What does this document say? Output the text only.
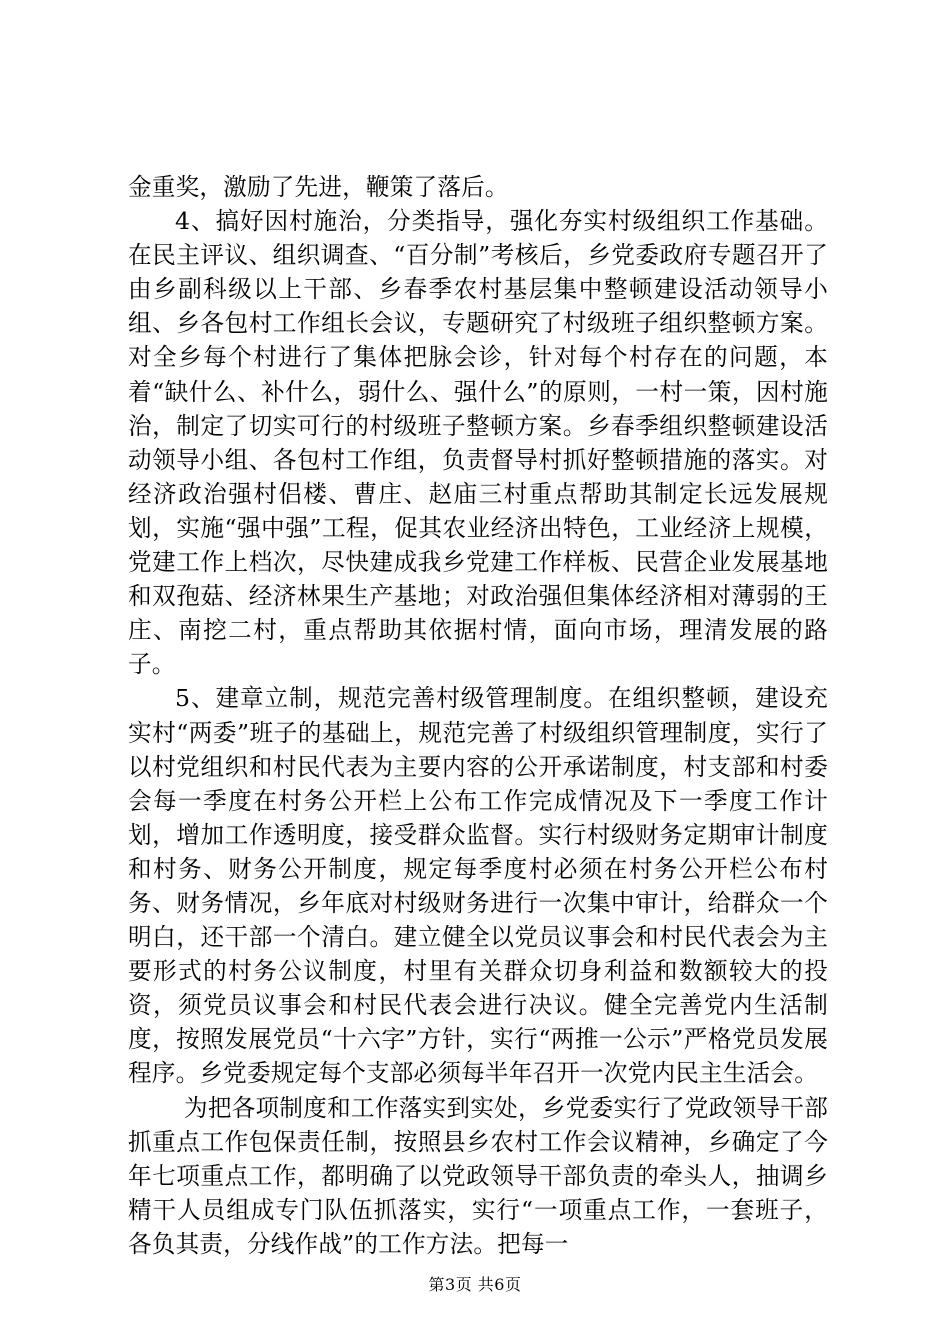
金重奖，激励了先进，鞭策了落后。

4、搞好因村施治，分类指导，强化夯实村级组织工作基础。在民主评议、组织调查、“百分制”考核后，乡党委政府专题召开了由乡副科级以上干部、乡春季农村基层集中整顿建设活动领导小组、乡各包村工作组长会议，专题研究了村级班子组织整顿方案。对全乡每个村进行了集体把脉会诊，针对每个村存在的问题，本着“缺什么、补什么，弱什么、强什么”的原则，一村一策，因村施治，制定了切实可行的村级班子整顿方案。乡春季组织整顿建设活动领导小组、各包村工作组，负责督导村抓好整顿措施的落实。对经济政治强村侣楼、曹庄、赵庙三村重点帮助其制定长远发展规划，实施“强中强”工程，促其农业经济出特色，工业经济上规模，党建工作上档次，尽快建成我乡党建工作样板、民营企业发展基地和双孢菇、经济林果生产基地；对政治强但集体经济相对薄弱的王庄、南挖二村，重点帮助其依据村情，面向市场，理清发展的路子。

5、建章立制，规范完善村级管理制度。在组织整顿，建设充实村“两委”班子的基础上，规范完善了村级组织管理制度，实行了以村党组织和村民代表为主要内容的公开承诺制度，村支部和村委会每一季度在村务公开栏上公布工作完成情况及下一季度工作计划，增加工作透明度，接受群众监督。实行村级财务定期审计制度和村务、财务公开制度，规定每季度村必须在村务公开栏公布村务、财务情况，乡年底对村级财务进行一次集中审计，给群众一个明白，还干部一个清白。建立健全以党员议事会和村民代表会为主要形式的村务公议制度，村里有关群众切身利益和数额较大的投资，须党员议事会和村民代表会进行决议。健全完善党内生活制度，按照发展党员“十六字”方针，实行“两推一公示”严格党员发展程序。乡党委规定每个支部必须每半年召开一次党内民主生活会。

为把各项制度和工作落实到实处，乡党委实行了党政领导干部抓重点工作包保责任制，按照县乡农村工作会议精神，乡确定了今年七项重点工作，都明确了以党政领导干部负责的牵头人，抽调乡精干人员组成专门队伍抓落实，实行“一项重点工作，一套班子，各负其责，分线作战”的工作方法。把每一

第3页 共6页
